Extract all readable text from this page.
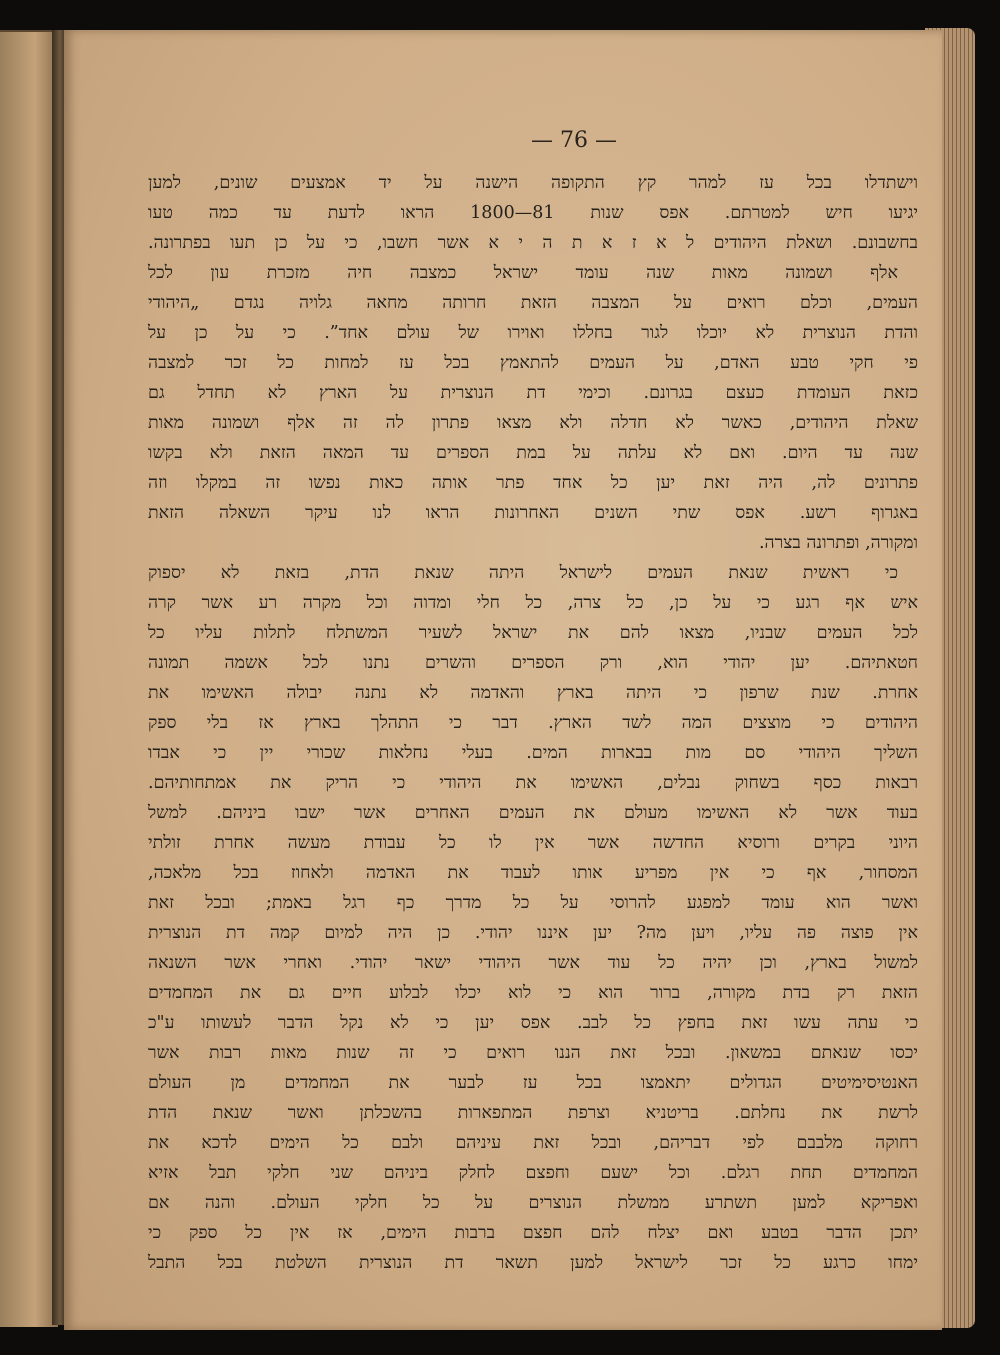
— 76 —
וישתדלו בכל עז למהר קץ התקופה הישנה על יד אמצעים שונים, למען
יגיעו חיש למטרתם. אפס שנות 81—1800 הראו לדעת עד כמה טעו
בחשבונם. ושאלת היהודים ל א ז א ת ה י א אשר חשבו, כי על כן תעו בפתרונה.
אלף ושמונה מאות שנה עומד ישראל כמצבה חיה מזכרת עון לכל
העמים, וכלם רואים על המצבה הזאת חרותה מחאה גלויה נגדם „היהודי
והדת הנוצרית לא יוכלו לגור בחללו ואוירו של עולם אחד”. כי על כן על
פי חקי טבע האדם, על העמים להתאמץ בכל עז למחות כל זכר למצבה
כזאת העומדת כעצם בגרונם. וכימי דת הנוצרית על הארץ לא תחדל גם
שאלת היהודים, כאשר לא חדלה ולא מצאו פתרון לה זה אלף ושמונה מאות
שנה עד היום. ואם לא עלתה על במת הספרים עד המאה הזאת ולא בקשו
פתרונים לה, היה זאת יען כל אחד פתר אותה כאות נפשו זה במקלו וזה
באגרוף רשע. אפס שתי השנים האחרונות הראו לנו עיקר השאלה הזאת
ומקורה, ופתרונה בצרה.
כי ראשית שנאת העמים לישראל היתה שנאת הדת, בזאת לא יספוק
איש אף רגע כי על כן, כל צרה, כל חלי ומדוה וכל מקרה רע אשר קרה
לכל העמים שבניו, מצאו להם את ישראל לשעיר המשתלח לתלות עליו כל
חטאתיהם. יען יהודי הוא, ורק הספרים והשרים נתנו לכל אשמה תמונה
אחרת. שנת שרפון כי היתה בארץ והאדמה לא נתנה יבולה האשימו את
היהודים כי מוצצים המה לשד הארץ. דבר כי התהלך בארץ אז בלי ספק
השליך היהודי סם מות בבארות המים. בעלי נחלאות שכורי יין כי אבדו
רבאות כסף בשחוק נבלים, האשימו את היהודי כי הריק את אמתחותיהם.
בעוד אשר לא האשימו מעולם את העמים האחרים אשר ישבו ביניהם. למשל
היוני בקרים ורוסיא החדשה אשר אין לו כל עבודת מעשה אחרת זולתי
המסחור, אף כי אין מפריע אותו לעבוד את האדמה ולאחוז בכל מלאכה,
ואשר הוא עומד למפגע להרוסי על כל מדרך כף רגל באמת; ובכל זאת
אין פוצה פה עליו, ויען מה? יען איננו יהודי. כן היה למיום קמה דת הנוצרית
למשול בארץ, וכן יהיה כל עוד אשר היהודי ישאר יהודי. ואחרי אשר השנאה
הזאת רק בדת מקורה, ברור הוא כי לוא יכלו לבלוע חיים גם את המחמדים
כי עתה עשו זאת בחפץ כל לבב. אפס יען כי לא נקל הדבר לעשותו ע"כ
יכסו שנאתם במשאון. ובכל זאת הננו רואים כי זה שנות מאות רבות אשר
האנטיסימיטים הגדולים יתאמצו בכל עז לבער את המחמדים מן העולם
לרשת את נחלתם. בריטניא וצרפת המתפארות בהשכלתן ואשר שנאת הדת
רחוקה מלבבם לפי דבריהם, ובכל זאת עיניהם ולבם כל הימים לדכא את
המחמדים תחת רגלם. וכל ישעם וחפצם לחלק ביניהם שני חלקי תבל אזיא
ואפריקא למען תשתרע ממשלת הנוצרים על כל חלקי העולם. והנה אם
יתכן הדבר בטבע ואם יצלח להם חפצם ברבות הימים, אז אין כל ספק כי
ימחו כרגע כל זכר לישראל למען תשאר דת הנוצרית השלטת בכל התבל
